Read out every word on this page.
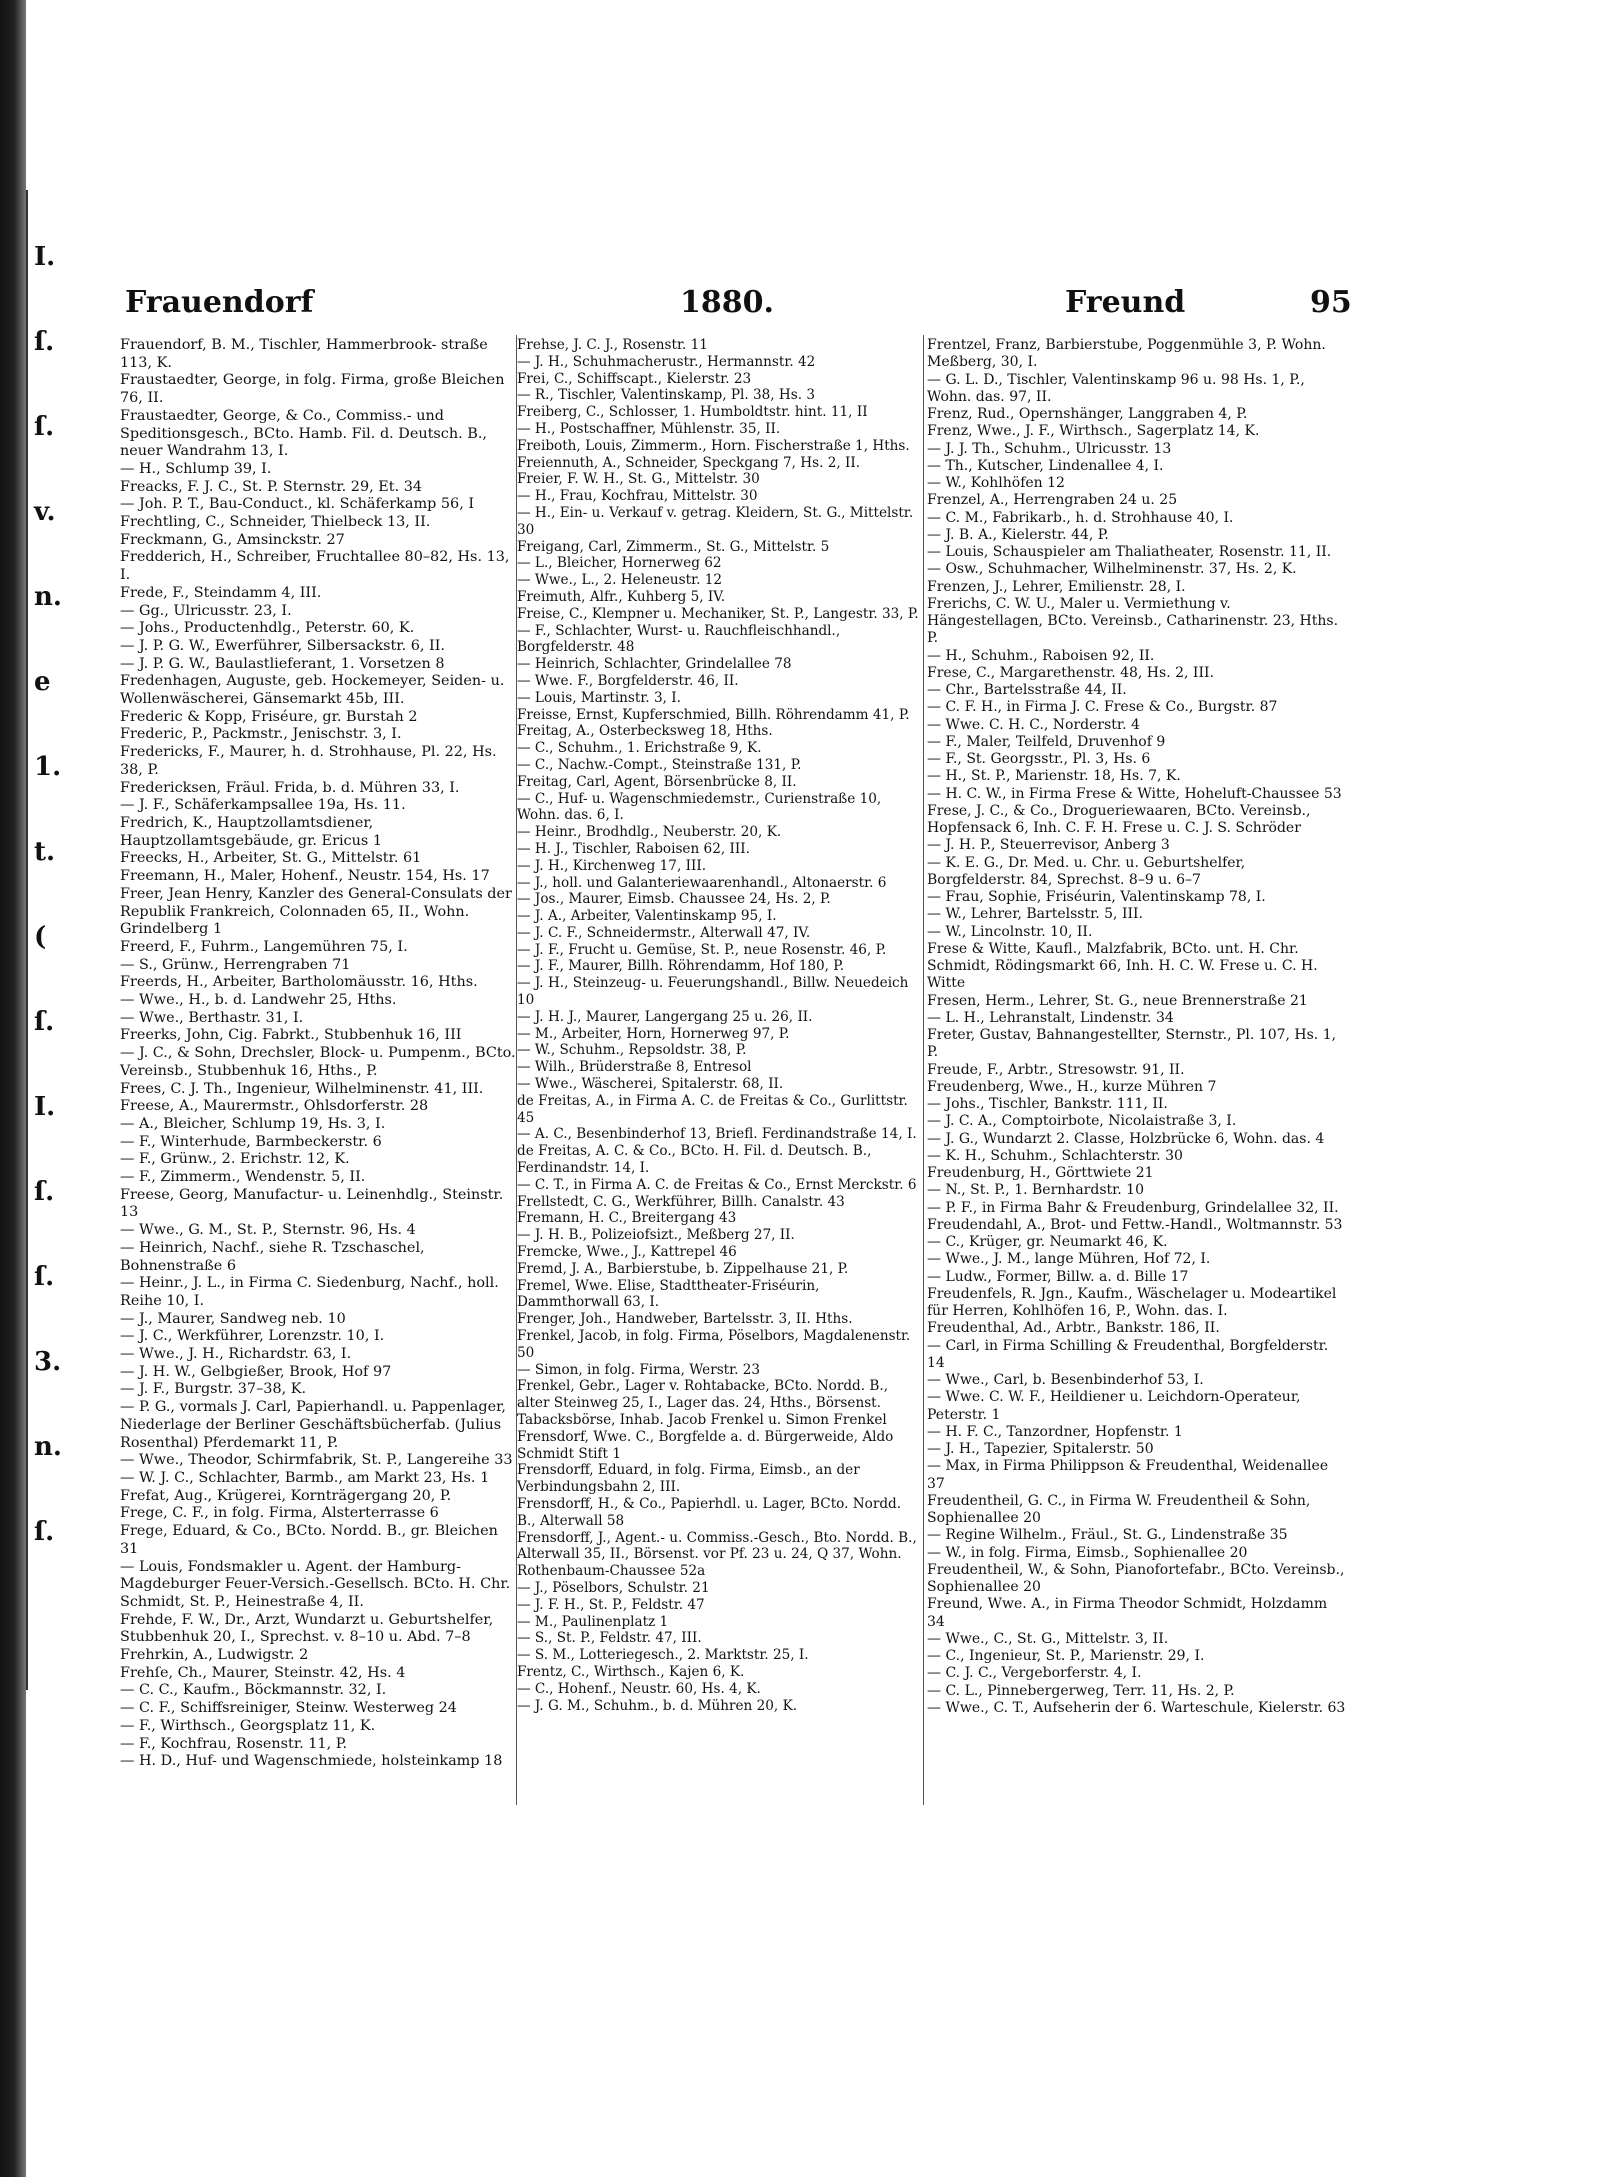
I.
ſ.
ſ.
v.
n.
e
1.
t.
(
ſ.
I.
ſ.
ſ.
3.
n.
ſ.
Frauendorf	1880.	Freund	95

Frauendorf, B. M., Tischler, Hammerbrook- straße 113, K.

Fraustaedter, George, in folg. Firma, große Bleichen 76, II.

Fraustaedter, George, & Co., Commiss.- und Speditionsgesch., BCto. Hamb. Fil. d. Deutsch. B., neuer Wandrahm 13, I.

— H., Schlump 39, I.

Freacks, F. J. C., St. P. Sternstr. 29, Et. 34

— Joh. P. T., Bau-Conduct., kl. Schäferkamp 56, I

Frechtling, C., Schneider, Thielbeck 13, II.

Freckmann, G., Amsinckstr. 27

Fredderich, H., Schreiber, Fruchtallee 80–82, Hs. 13, I.

Frede, F., Steindamm 4, III.

— Gg., Ulricusstr. 23, I.

— Johs., Productenhdlg., Peterstr. 60, K.

— J. P. G. W., Ewerführer, Silbersackstr. 6, II.

— J. P. G. W., Baulastlieferant, 1. Vorsetzen 8

Fredenhagen, Auguste, geb. Hockemeyer, Seiden- u. Wollenwäscherei, Gänsemarkt 45b, III.

Frederic & Kopp, Friséure, gr. Burstah 2

Frederic, P., Packmstr., Jenischstr. 3, I.

Fredericks, F., Maurer, h. d. Strohhause, Pl. 22, Hs. 38, P.

Fredericksen, Fräul. Frida, b. d. Mühren 33, I.

— J. F., Schäferkampsallee 19a, Hs. 11.

Fredrich, K., Hauptzollamtsdiener, Hauptzollamtsgebäude, gr. Ericus 1

Freecks, H., Arbeiter, St. G., Mittelstr. 61

Freemann, H., Maler, Hohenf., Neustr. 154, Hs. 17

Freer, Jean Henry, Kanzler des General-Consulats der Republik Frankreich, Colonnaden 65, II., Wohn. Grindelberg 1

Freerd, F., Fuhrm., Langemühren 75, I.

— S., Grünw., Herrengraben 71

Freerds, H., Arbeiter, Bartholomäusstr. 16, Hths.

— Wwe., H., b. d. Landwehr 25, Hths.

— Wwe., Berthastr. 31, I.

Freerks, John, Cig. Fabrkt., Stubbenhuk 16, III

— J. C., & Sohn, Drechsler, Block- u. Pumpenm., BCto. Vereinsb., Stubbenhuk 16, Hths., P.

Frees, C. J. Th., Ingenieur, Wilhelminenstr. 41, III.

Freese, A., Maurermstr., Ohlsdorferstr. 28

— A., Bleicher, Schlump 19, Hs. 3, I.

— F., Winterhude, Barmbeckerstr. 6

— F., Grünw., 2. Erichstr. 12, K.

— F., Zimmerm., Wendenstr. 5, II.

Freese, Georg, Manufactur- u. Leinenhdlg., Steinstr. 13

— Wwe., G. M., St. P., Sternstr. 96, Hs. 4

— Heinrich, Nachf., siehe R. Tzschaschel, Bohnenstraße 6

— Heinr., J. L., in Firma C. Siedenburg, Nachf., holl. Reihe 10, I.

— J., Maurer, Sandweg neb. 10

— J. C., Werkführer, Lorenzstr. 10, I.

— Wwe., J. H., Richardstr. 63, I.

— J. H. W., Gelbgießer, Brook, Hof 97

— J. F., Burgstr. 37–38, K.

— P. G., vormals J. Carl, Papierhandl. u. Pappenlager, Niederlage der Berliner Geschäftsbücherfab. (Julius Rosenthal) Pferdemarkt 11, P.

— Wwe., Theodor, Schirmfabrik, St. P., Langereihe 33

— W. J. C., Schlachter, Barmb., am Markt 23, Hs. 1

Frefat, Aug., Krügerei, Kornträgergang 20, P.

Frege, C. F., in folg. Firma, Alsterterrasse 6

Frege, Eduard, & Co., BCto. Nordd. B., gr. Bleichen 31

— Louis, Fondsmakler u. Agent. der Hamburg-Magdeburger Feuer-Versich.-Gesellsch. BCto. H. Chr. Schmidt, St. P., Heinestraße 4, II.

Frehde, F. W., Dr., Arzt, Wundarzt u. Geburtshelfer, Stubbenhuk 20, I., Sprechst. v. 8–10 u. Abd. 7–8

Frehrkin, A., Ludwigstr. 2

Frehſe, Ch., Maurer, Steinstr. 42, Hs. 4

— C. C., Kaufm., Böckmannstr. 32, I.

— C. F., Schiffsreiniger, Steinw. Westerweg 24

— F., Wirthsch., Georgsplatz 11, K.

— F., Kochfrau, Rosenstr. 11, P.

— H. D., Huf- und Wagenschmiede, holsteinkamp 18

Frehse, J. C. J., Rosenstr. 11

— J. H., Schuhmacherustr., Hermannstr. 42

Frei, C., Schiffscapt., Kielerstr. 23

— R., Tischler, Valentinskamp, Pl. 38, Hs. 3

Freiberg, C., Schlosser, 1. Humboldtstr. hint. 11, II

— H., Postschaffner, Mühlenstr. 35, II.

Freiboth, Louis, Zimmerm., Horn. Fischerstraße 1, Hths.

Freiennuth, A., Schneider, Speckgang 7, Hs. 2, II.

Freier, F. W. H., St. G., Mittelstr. 30

— H., Frau, Kochfrau, Mittelstr. 30

— H., Ein- u. Verkauf v. getrag. Kleidern, St. G., Mittelstr. 30

Freigang, Carl, Zimmerm., St. G., Mittelstr. 5

— L., Bleicher, Hornerweg 62

— Wwe., L., 2. Heleneustr. 12

Freimuth, Alfr., Kuhberg 5, IV.

Freise, C., Klempner u. Mechaniker, St. P., Langestr. 33, P.

— F., Schlachter, Wurst- u. Rauchfleischhandl., Borgfelderstr. 48

— Heinrich, Schlachter, Grindelallee 78

— Wwe. F., Borgfelderstr. 46, II.

— Louis, Martinstr. 3, I.

Freisse, Ernst, Kupferschmied, Billh. Röhrendamm 41, P.

Freitag, A., Osterbecksweg 18, Hths.

— C., Schuhm., 1. Erichstraße 9, K.

— C., Nachw.-Compt., Steinstraße 131, P.

Freitag, Carl, Agent, Börsenbrücke 8, II.

— C., Huf- u. Wagenschmiedemstr., Curienstraße 10, Wohn. das. 6, I.

— Heinr., Brodhdlg., Neuberstr. 20, K.

— H. J., Tischler, Raboisen 62, III.

— J. H., Kirchenweg 17, III.

— J., holl. und Galanteriewaarenhandl., Altonaerstr. 6

— Jos., Maurer, Eimsb. Chaussee 24, Hs. 2, P.

— J. A., Arbeiter, Valentinskamp 95, I.

— J. C. F., Schneidermstr., Alterwall 47, IV.

— J. F., Frucht u. Gemüse, St. P., neue Rosenstr. 46, P.

— J. F., Maurer, Billh. Röhrendamm, Hof 180, P.

— J. H., Steinzeug- u. Feuerungshandl., Billw. Neuedeich 10

— J. H. J., Maurer, Langergang 25 u. 26, II.

— M., Arbeiter, Horn, Hornerweg 97, P.

— W., Schuhm., Repsoldstr. 38, P.

— Wilh., Brüderstraße 8, Entresol

— Wwe., Wäscherei, Spitalerstr. 68, II.

de Freitas, A., in Firma A. C. de Freitas & Co., Gurlittstr. 45

— A. C., Besenbinderhof 13, Briefl. Ferdinandstraße 14, I.

de Freitas, A. C. & Co., BCto. H. Fil. d. Deutsch. B., Ferdinandstr. 14, I.

— C. T., in Firma A. C. de Freitas & Co., Ernst Merckstr. 6

Frellstedt, C. G., Werkführer, Billh. Canalstr. 43

Fremann, H. C., Breitergang 43

— J. H. B., Polizeiofsizt., Meßberg 27, II.

Fremcke, Wwe., J., Kattrepel 46

Fremd, J. A., Barbierstube, b. Zippelhause 21, P.

Fremel, Wwe. Elise, Stadttheater-Friséurin, Dammthorwall 63, I.

Frenger, Joh., Handweber, Bartelsstr. 3, II. Hths.

Frenkel, Jacob, in folg. Firma, Pöselbors, Magdalenenstr. 50

— Simon, in folg. Firma, Werstr. 23

Frenkel, Gebr., Lager v. Rohtabacke, BCto. Nordd. B., alter Steinweg 25, I., Lager das. 24, Hths., Börsenst. Tabacksbörse, Inhab. Jacob Frenkel u. Simon Frenkel

Frensdorf, Wwe. C., Borgfelde a. d. Bürgerweide, Aldo Schmidt Stift 1

Frensdorff, Eduard, in folg. Firma, Eimsb., an der Verbindungsbahn 2, III.

Frensdorff, H., & Co., Papierhdl. u. Lager, BCto. Nordd. B., Alterwall 58

Frensdorff, J., Agent.- u. Commiss.-Gesch., Bto. Nordd. B., Alterwall 35, II., Börsenst. vor Pf. 23 u. 24, Q 37, Wohn. Rothenbaum-Chaussee 52a

— J., Pöselbors, Schulstr. 21

— J. F. H., St. P., Feldstr. 47

— M., Paulinenplatz 1

— S., St. P., Feldstr. 47, III.

— S. M., Lotteriegesch., 2. Marktstr. 25, I.

Frentz, C., Wirthsch., Kajen 6, K.

— C., Hohenf., Neustr. 60, Hs. 4, K.

— J. G. M., Schuhm., b. d. Mühren 20, K.

Frentzel, Franz, Barbierstube, Poggenmühle 3, P. Wohn. Meßberg, 30, I.

— G. L. D., Tischler, Valentinskamp 96 u. 98 Hs. 1, P., Wohn. das. 97, II.

Frenz, Rud., Opernshänger, Langgraben 4, P.

Frenz, Wwe., J. F., Wirthsch., Sagerplatz 14, K.

— J. J. Th., Schuhm., Ulricusstr. 13

— Th., Kutscher, Lindenallee 4, I.

— W., Kohlhöfen 12

Frenzel, A., Herrengraben 24 u. 25

— C. M., Fabrikarb., h. d. Strohhause 40, I.

— J. B. A., Kielerstr. 44, P.

— Louis, Schauspieler am Thaliatheater, Rosenstr. 11, II.

— Osw., Schuhmacher, Wilhelminenstr. 37, Hs. 2, K.

Frenzen, J., Lehrer, Emilienstr. 28, I.

Frerichs, C. W. U., Maler u. Vermiethung v. Hängestellagen, BCto. Vereinsb., Catharinenstr. 23, Hths. P.

— H., Schuhm., Raboisen 92, II.

Frese, C., Margarethenstr. 48, Hs. 2, III.

— Chr., Bartelsstraße 44, II.

— C. F. H., in Firma J. C. Frese & Co., Burgstr. 87

— Wwe. C. H. C., Norderstr. 4

— F., Maler, Teilfeld, Druvenhof 9

— F., St. Georgsstr., Pl. 3, Hs. 6

— H., St. P., Marienstr. 18, Hs. 7, K.

— H. C. W., in Firma Frese & Witte, Hoheluft-Chaussee 53

Frese, J. C., & Co., Drogueriewaaren, BCto. Vereinsb., Hopfensack 6, Inh. C. F. H. Frese u. C. J. S. Schröder

— J. H. P., Steuerrevisor, Anberg 3

— K. E. G., Dr. Med. u. Chr. u. Geburtshelfer, Borgfelderstr. 84, Sprechst. 8–9 u. 6–7

— Frau, Sophie, Friséurin, Valentinskamp 78, I.

— W., Lehrer, Bartelsstr. 5, III.

— W., Lincolnstr. 10, II.

Frese & Witte, Kaufl., Malzfabrik, BCto. unt. H. Chr. Schmidt, Rödingsmarkt 66, Inh. H. C. W. Frese u. C. H. Witte

Fresen, Herm., Lehrer, St. G., neue Brennerstraße 21

— L. H., Lehranstalt, Lindenstr. 34

Freter, Gustav, Bahnangestellter, Sternstr., Pl. 107, Hs. 1, P.

Freude, F., Arbtr., Stresowstr. 91, II.

Freudenberg, Wwe., H., kurze Mühren 7

— Johs., Tischler, Bankstr. 111, II.

— J. C. A., Comptoirbote, Nicolaistraße 3, I.

— J. G., Wundarzt 2. Classe, Holzbrücke 6, Wohn. das. 4

— K. H., Schuhm., Schlachterstr. 30

Freudenburg, H., Görttwiete 21

— N., St. P., 1. Bernhardstr. 10

— P. F., in Firma Bahr & Freudenburg, Grindelallee 32, II.

Freudendahl, A., Brot- und Fettw.-Handl., Woltmannstr. 53

— C., Krüger, gr. Neumarkt 46, K.

— Wwe., J. M., lange Mühren, Hof 72, I.

— Ludw., Former, Billw. a. d. Bille 17

Freudenfels, R. Jgn., Kaufm., Wäschelager u. Modeartikel für Herren, Kohlhöfen 16, P., Wohn. das. I.

Freudenthal, Ad., Arbtr., Bankstr. 186, II.

— Carl, in Firma Schilling & Freudenthal, Borgfelderstr. 14

— Wwe., Carl, b. Besenbinderhof 53, I.

— Wwe. C. W. F., Heildiener u. Leichdorn-Operateur, Peterstr. 1

— H. F. C., Tanzordner, Hopfenstr. 1

— J. H., Tapezier, Spitalerstr. 50

— Max, in Firma Philippson & Freudenthal, Weidenallee 37

Freudentheil, G. C., in Firma W. Freudentheil & Sohn, Sophienallee 20

— Regine Wilhelm., Fräul., St. G., Lindenstraße 35

— W., in folg. Firma, Eimsb., Sophienallee 20

Freudentheil, W., & Sohn, Pianofortefabr., BCto. Vereinsb., Sophienallee 20

Freund, Wwe. A., in Firma Theodor Schmidt, Holzdamm 34

— Wwe., C., St. G., Mittelstr. 3, II.

— C., Ingenieur, St. P., Marienstr. 29, I.

— C. J. C., Vergeborferstr. 4, I.

— C. L., Pinnebergerweg, Terr. 11, Hs. 2, P.

— Wwe., C. T., Aufseherin der 6. Warteschule, Kielerstr. 63
